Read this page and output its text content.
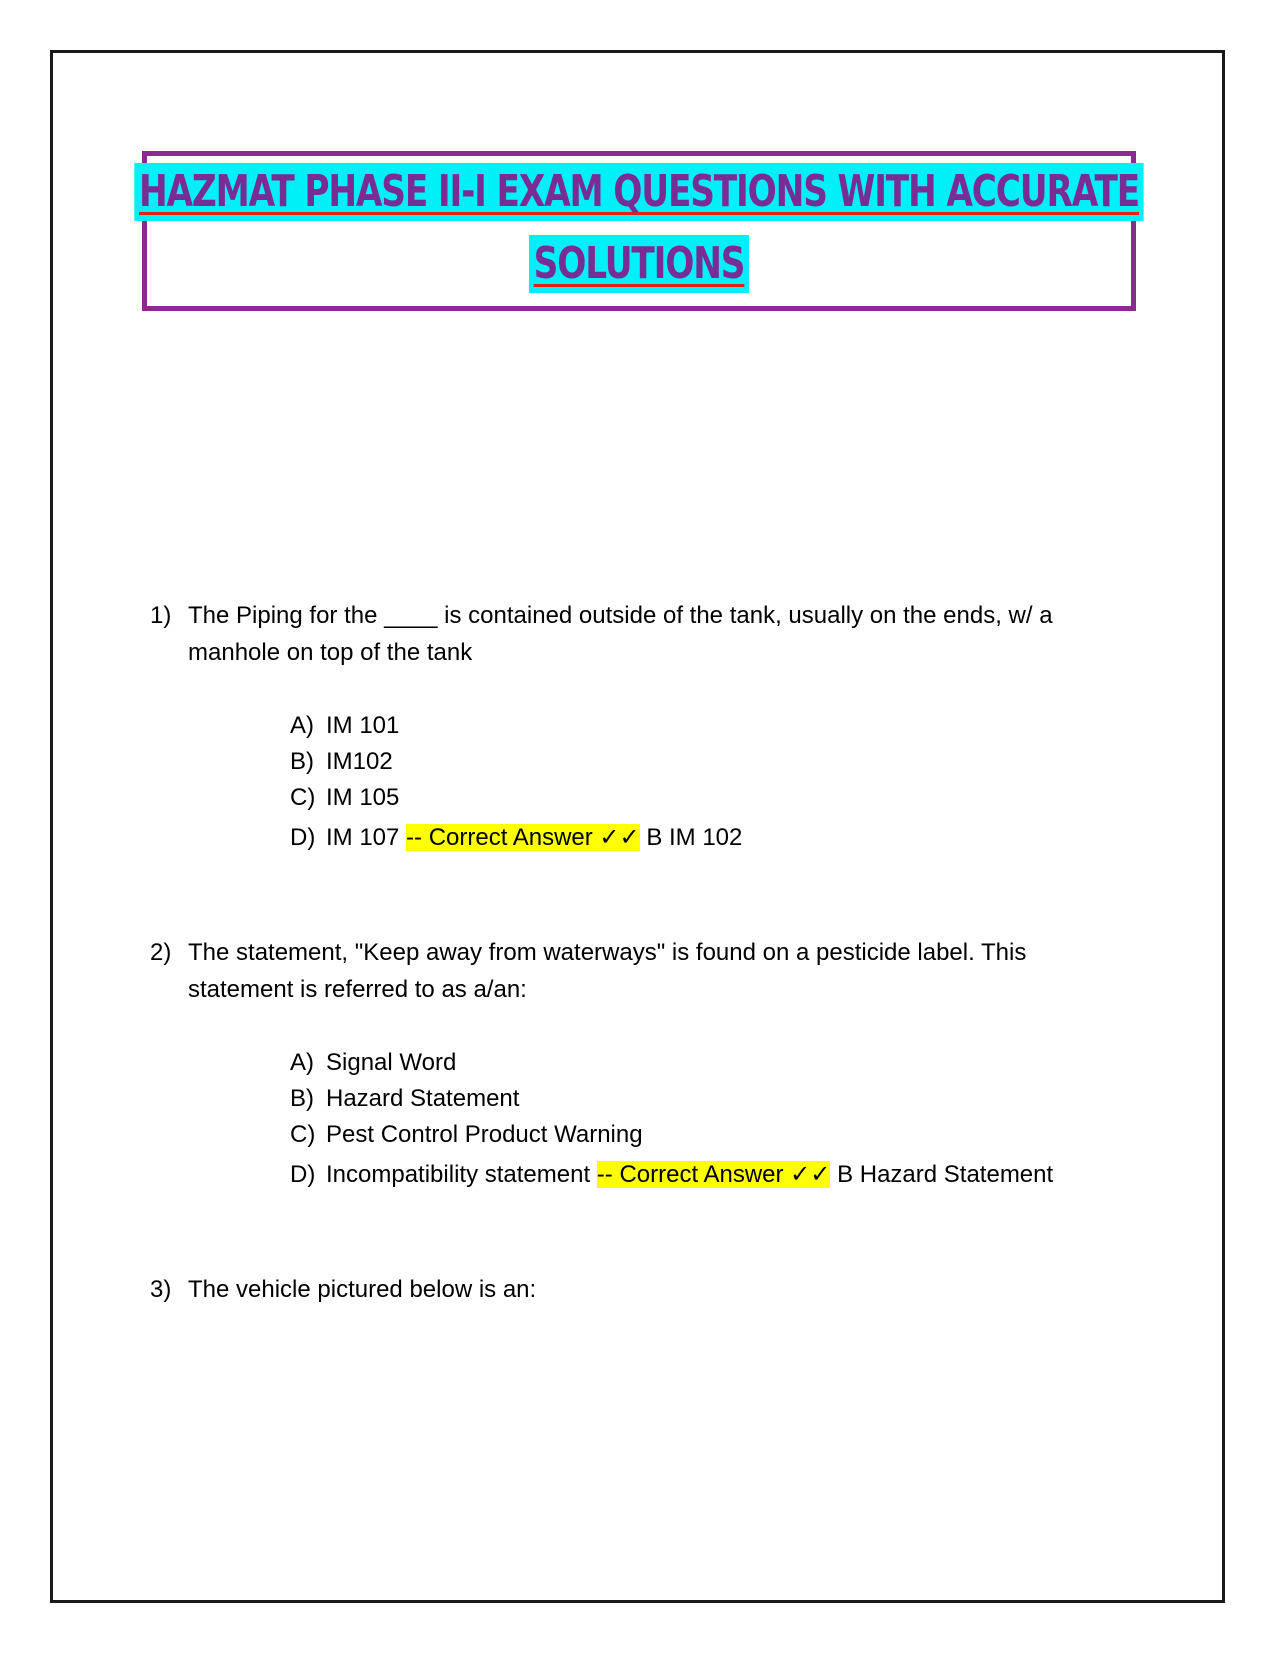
HAZMAT PHASE II-I EXAM QUESTIONS WITH ACCURATE
SOLUTIONS
1) The Piping for the ____ is contained outside of the tank, usually on the ends, w/ a manhole on top of the tank
A) IM 101
B) IM102
C) IM 105
D) IM 107 -- Correct Answer ✓✓ B IM 102
2) The statement, "Keep away from waterways" is found on a pesticide label. This statement is referred to as a/an:
A) Signal Word
B) Hazard Statement
C) Pest Control Product Warning
D) Incompatibility statement -- Correct Answer ✓✓ B Hazard Statement
3) The vehicle pictured below is an:
